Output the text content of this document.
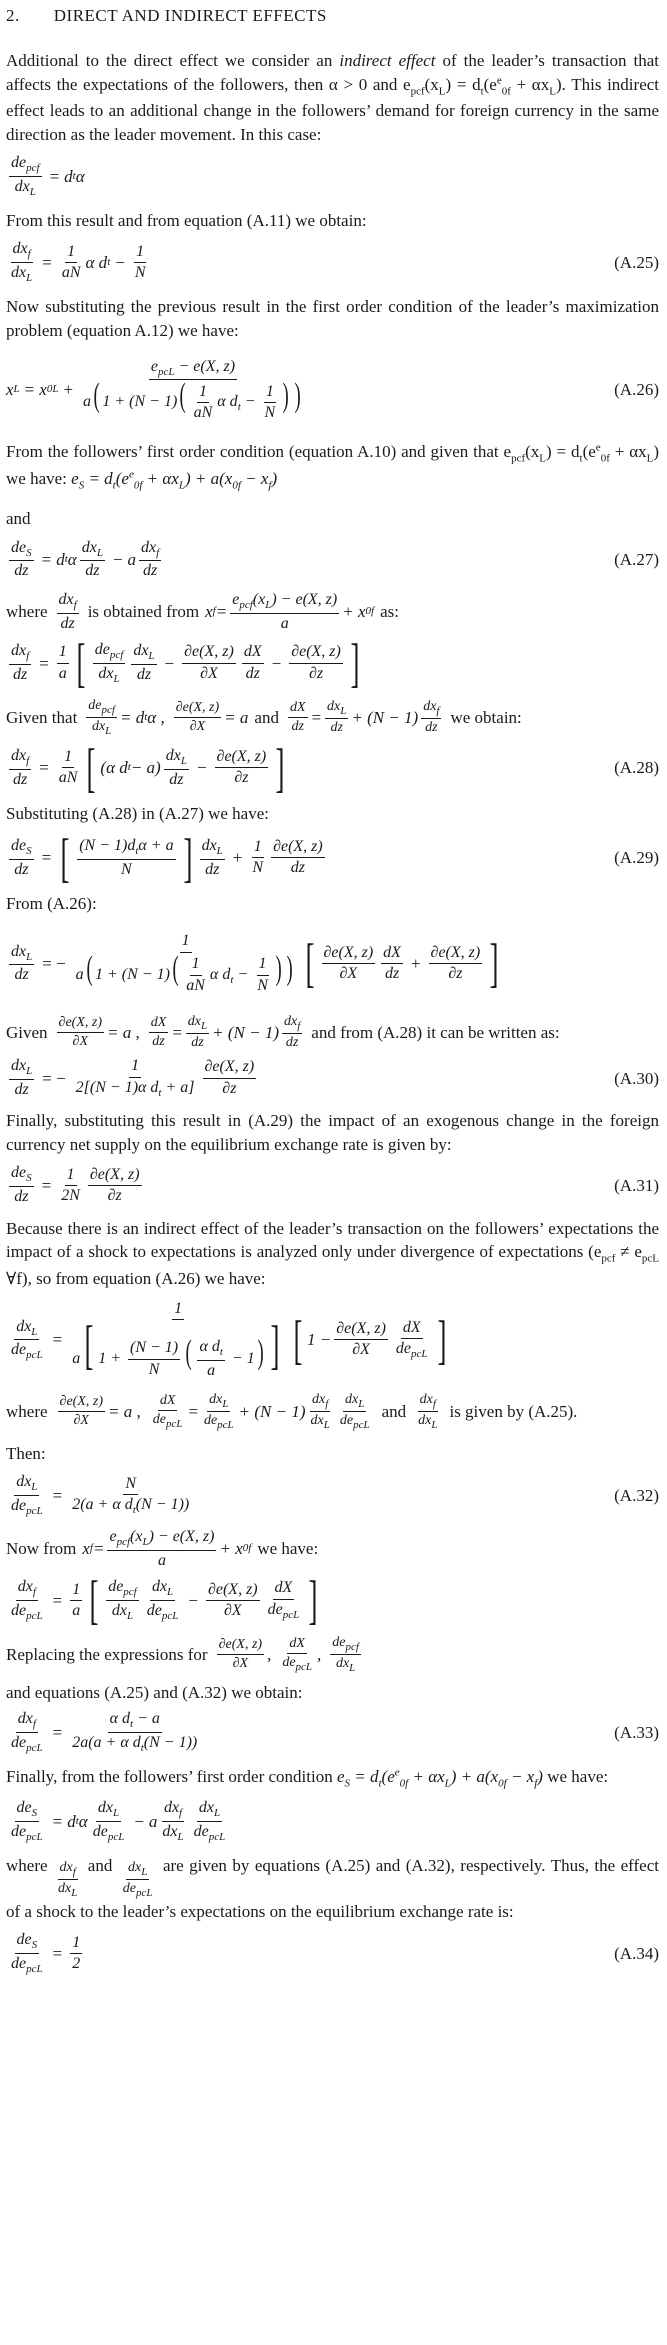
2. DIRECT AND INDIRECT EFFECTS

Additional to the direct effect we consider an indirect effect of the leader’s transaction that affects the expectations of the followers, then α > 0 and $e_{pcf}(x_L) = d_t(e^e_{0f} + \alpha x_L)$. This indirect effect leads to an additional change in the followers’ demand for foreign currency in the same direction as the leader movement. In this case:

$de_{pcf}$
$dx_L$
= d t α

From this result and from equation (A.11) we obtain:

$dx_f$
$dx_L$
= $\frac{1}{aN}$ α d $t - \frac{1}{N}$	(A.25)

Now substituting the previous result in the first order condition of the leader’s maximization problem (equation A.12) we have:

x L = x 0L +
$e_{pcL} - e(X$, z)
a( $1 + (N - 1)( \frac{1}{aN}$ α $d_t - \frac{1}{N}$ ) )	(A.26)

From the followers’ first order condition (equation A.10) and given that $e_{pcf}(x_L) = d_t(e^e_{0f} + \alpha x_L)$ we have: $e_S = d_t(e^e_{0f} + \alpha x_L) + a(x_{0f} - x_f)$

and

$de_S$
dz
= d t α
$dx_L$
dz
− a
$dx_f$
dz
(A.27)

where
$dx_f$
dz
is obtained from x f =
$e_{pcf}(x_L) - e(X$, z)
a
+ x 0f as:

$dx_f$
dz
= $\frac{1}{a}$ [ $de_{pcf}$
$dx_L$
$dx_L$
dz
− $\frac{\partial e(X, z)}{\partial X}$ dX
dz
− $\frac{\partial e(X, z)}{\partial z}$ ]

Given that
$de_{pcf}$
$dx_L$
= d t α ,
∂e(X, z)
∂X = a and
dX
dz =
$dx_L$
dz
+ (N − 1)
$dx_f$
dz
we obtain:

$dx_f$
dz
= $\frac{1}{aN}$ [ (α d t − a)
$dx_L$
dz
− $\frac{\partial e(X, z)}{\partial z}$ ]	(A.28)

Substituting (A.28) in (A.27) we have:

$de_S$
dz
= [ $(N - 1)d_t\alpha + a$
N ] $dx_L$
dz
+ $\frac{1}{N} \partial e(X$, z)
dz
(A.29)

From (A.26):

$dx_L$
dz
= −
1
a( $1 + (N - 1)( \frac{1}{aN}$ α $d_t - \frac{1}{N}$ ) ) [ ∂e(X, z)
∂X
dX
dz
+ $\frac{\partial e(X, z)}{\partial z}$ ]

Given
∂e(X, z)
∂X = a ,
dX
dz =
$dx_L$
dz
+ (N − 1)
$dx_f$
dz
and from (A.28) it can be written as:

$dx_L$
dz
= − $\frac{1}{2[(N - 1)\alpha d_t + a]} \partial e(X$, z)
∂z
(A.30)

Finally, substituting this result in (A.29) the impact of an exogenous change in the foreign currency net supply on the equilibrium exchange rate is given by:

$de_S$
dz
= $\frac{1}{2N} \partial e(X$, z)
∂z
(A.31)

Because there is an indirect effect of the leader’s transaction on the followers’ expectations the impact of a shock to expectations is analyzed only under divergence of expectations ($e_{pcf} \ne e_{pcL}$ ∀f), so from equation (A.26) we have:

$dx_L$
$de_{pcL}$
=
1
a[ $1 + \frac{(N - 1)}{N}$ ( $\frac{\alpha d_t}{a} - 1$) ] [ 1 −
∂e(X, z)
∂X
dX
$de_{pcL}$ ]

where
∂e(X, z)
∂X = a ,
dX
$de_{pcL}$
=
$dx_L$
$de_{pcL}$
+ (N − 1)
$dx_f$
$dx_L$
$dx_L$
$de_{pcL}$
and
$dx_f$
$dx_L$
is given by (A.25).

Then:

$dx_L$
$de_{pcL}$
= $\frac{N}{2(a + \alpha d_t(N - 1))}$	(A.32)

Now from x f =
$e_{pcf}(x_L) - e(X$, z)
a
+ x 0f we have:

$dx_f$
$de_{pcL}$
= $\frac{1}{a}$ [ $de_{pcf}$
$dx_L$
$dx_L$
$de_{pcL}$
− $\frac{\partial e(X, z)}{\partial X}$ dX
$de_{pcL}$ ]

Replacing the expressions for
∂e(X, z)
∂X ,
dX
$de_{pcL}$
,
$de_{pcf}$
$dx_L$
and equations (A.25) and (A.32) we obtain:

$dx_f$
$de_{pcL}$
= $\frac{\alpha d_t - a}{2a(a + \alpha d_t(N - 1))}$	(A.33)

Finally, from the followers’ first order condition $e_S = d_t(e^e_{0f} + \alpha x_L) + a(x_{0f} - x_f)$ we have:

$de_S$
$de_{pcL}$
= d t α
$dx_L$
$de_{pcL}$
− a
$dx_f$
$dx_L$
$dx_L$
$de_{pcL}$

where $dx_f$
$dx_L$
and $dx_L$
$de_{pcL}$
are given by equations (A.25) and (A.32), respectively. Thus, the effect of a shock to the leader’s expectations on the equilibrium exchange rate is:

$de_S$
$de_{pcL}$
= $\frac{1}{2}$	(A.34)
